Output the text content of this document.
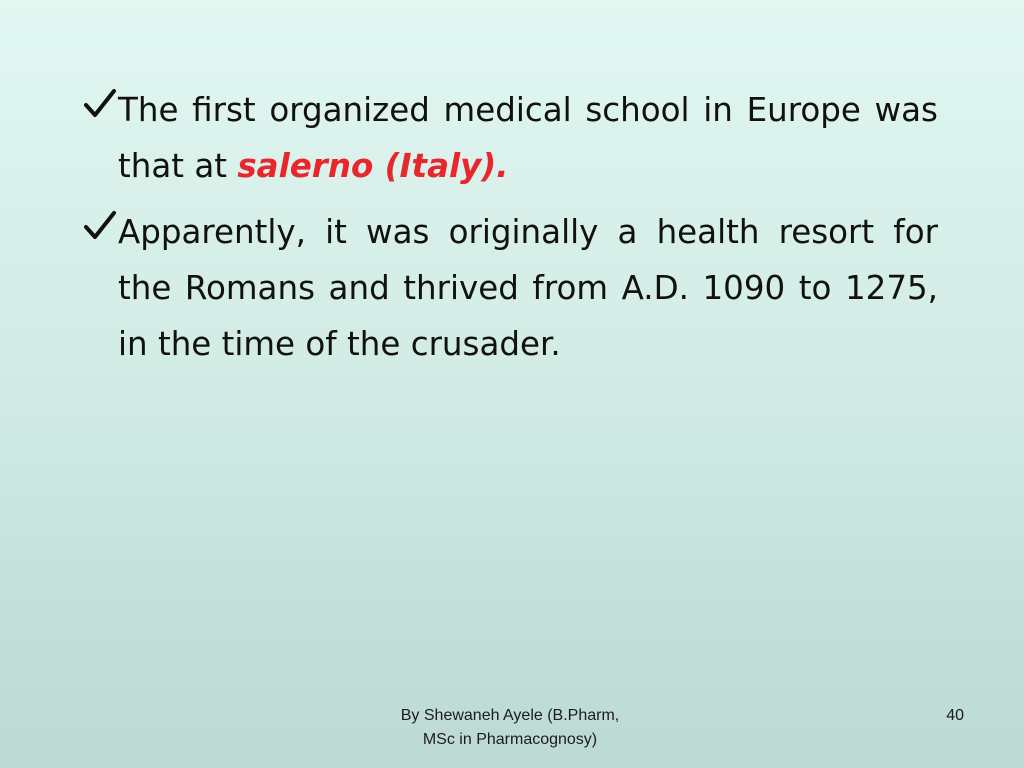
The first organized medical school in Europe was that at salerno (Italy).
Apparently, it was originally a health resort for the Romans and thrived from A.D. 1090 to 1275, in the time of the crusader.
By Shewaneh Ayele (B.Pharm,
MSc in Pharmacognosy)
40
